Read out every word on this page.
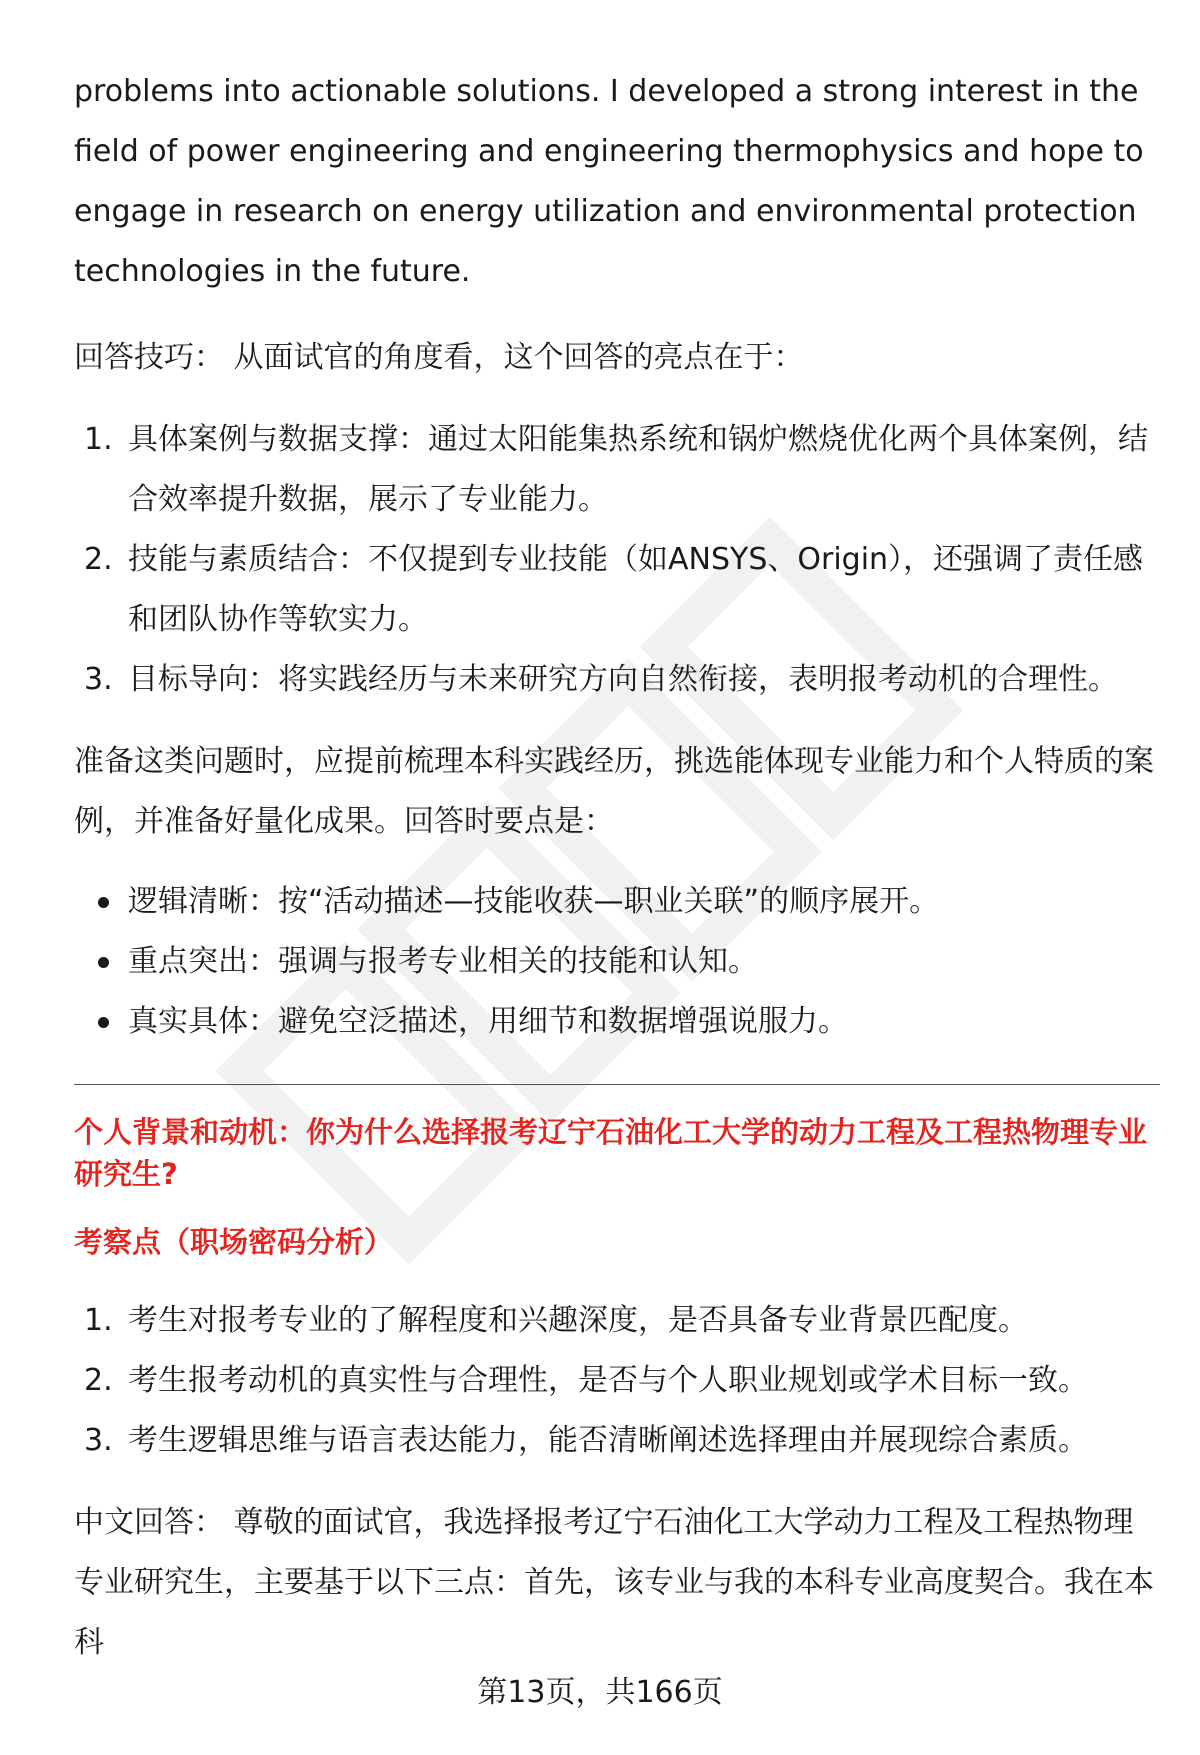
problems into actionable solutions. I developed a strong interest in the field of power engineering and engineering thermophysics and hope to engage in research on energy utilization and environmental protection technologies in the future.

回答技巧： 从面试官的角度看，这个回答的亮点在于：

1. 具体案例与数据支撑：通过太阳能集热系统和锅炉燃烧优化两个具体案例，结合效率提升数据，展示了专业能力。
2. 技能与素质结合：不仅提到专业技能（如ANSYS、Origin），还强调了责任感和团队协作等软实力。
3. 目标导向：将实践经历与未来研究方向自然衔接，表明报考动机的合理性。

准备这类问题时，应提前梳理本科实践经历，挑选能体现专业能力和个人特质的案例，并准备好量化成果。回答时要点是：

逻辑清晰：按“活动描述—技能收获—职业关联”的顺序展开。
重点突出：强调与报考专业相关的技能和认知。
真实具体：避免空泛描述，用细节和数据增强说服力。
个人背景和动机：你为什么选择报考辽宁石油化工大学的动力工程及工程热物理专业研究生?
考察点（职场密码分析）
1. 考生对报考专业的了解程度和兴趣深度，是否具备专业背景匹配度。
2. 考生报考动机的真实性与合理性，是否与个人职业规划或学术目标一致。
3. 考生逻辑思维与语言表达能力，能否清晰阐述选择理由并展现综合素质。

中文回答： 尊敬的面试官，我选择报考辽宁石油化工大学动力工程及工程热物理专业研究生，主要基于以下三点：首先，该专业与我的本科专业高度契合。我在本科

第13页，共166页
